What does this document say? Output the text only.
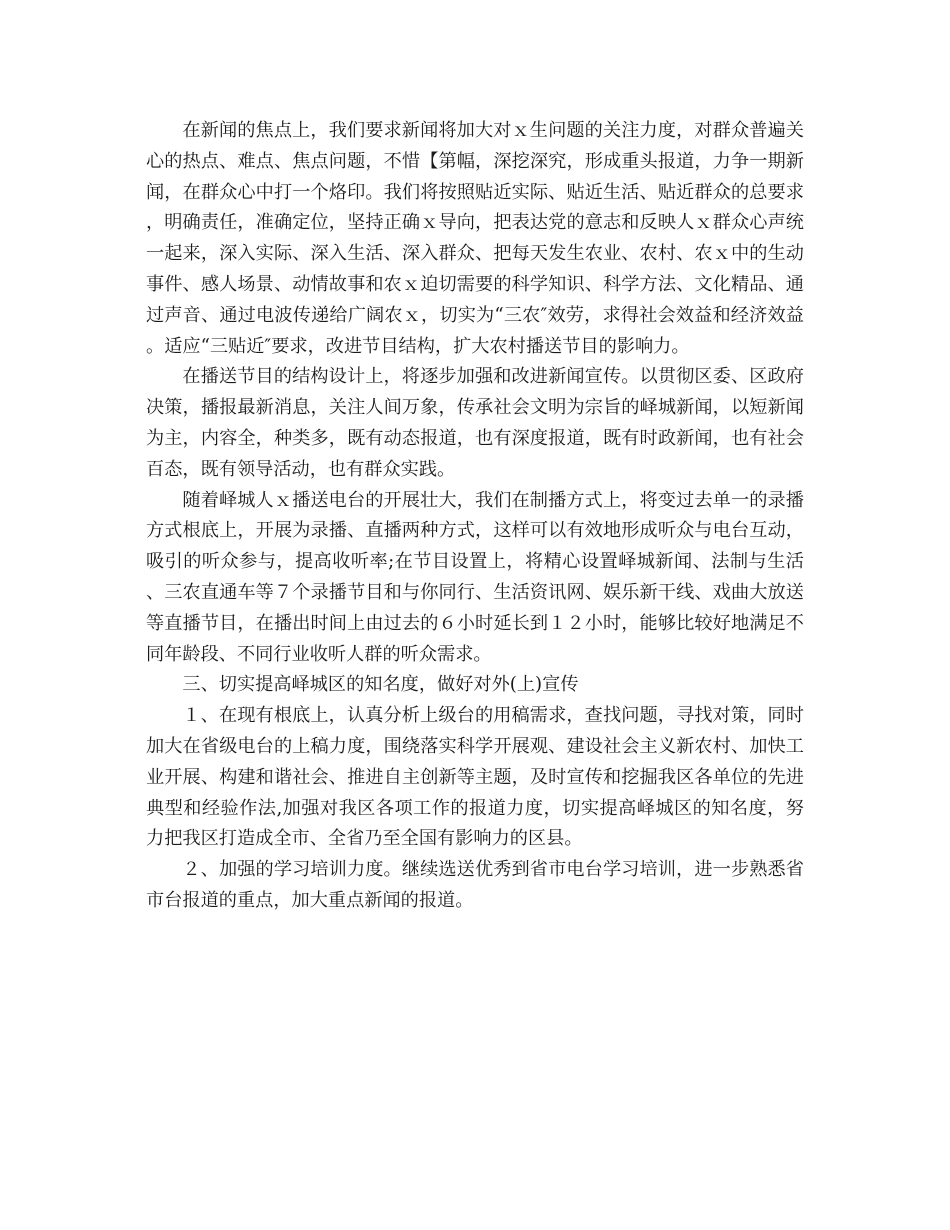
在新闻的焦点上，我们要求新闻将加大对ｘ生问题的关注力度，对群众普遍关心的热点、难点、焦点问题，不惜【第幅，深挖深究，形成重头报道，力争一期新闻，在群众心中打一个烙印。我们将按照贴近实际、贴近生活、贴近群众的总要求，明确责任，准确定位，坚持正确ｘ导向，把表达党的意志和反映人ｘ群众心声统一起来，深入实际、深入生活、深入群众、把每天发生农业、农村、农ｘ中的生动事件、感人场景、动情故事和农ｘ迫切需要的科学知识、科学方法、文化精品、通过声音、通过电波传递给广阔农ｘ，切实为“三农″效劳，求得社会效益和经济效益。适应“三贴近″要求，改进节目结构，扩大农村播送节目的影响力。

在播送节目的结构设计上，将逐步加强和改进新闻宣传。以贯彻区委、区政府决策，播报最新消息，关注人间万象，传承社会文明为宗旨的峄城新闻，以短新闻为主，内容全，种类多，既有动态报道，也有深度报道，既有时政新闻，也有社会百态，既有领导活动，也有群众实践。

随着峄城人ｘ播送电台的开展壮大，我们在制播方式上，将变过去单一的录播方式根底上，开展为录播、直播两种方式，这样可以有效地形成听众与电台互动，吸引的听众参与，提高收听率;在节目设置上，将精心设置峄城新闻、法制与生活、三农直通车等７个录播节目和与你同行、生活资讯网、娱乐新干线、戏曲大放送等直播节目，在播出时间上由过去的６小时延长到１２小时，能够比较好地满足不同年龄段、不同行业收听人群的听众需求。

三、切实提高峄城区的知名度，做好对外(上)宣传

１、在现有根底上，认真分析上级台的用稿需求，查找问题，寻找对策，同时加大在省级电台的上稿力度，围绕落实科学开展观、建设社会主义新农村、加快工业开展、构建和谐社会、推进自主创新等主题，及时宣传和挖掘我区各单位的先进典型和经验作法,加强对我区各项工作的报道力度，切实提高峄城区的知名度，努力把我区打造成全市、全省乃至全国有影响力的区县。

２、加强的学习培训力度。继续选送优秀到省市电台学习培训，进一步熟悉省市台报道的重点，加大重点新闻的报道。
